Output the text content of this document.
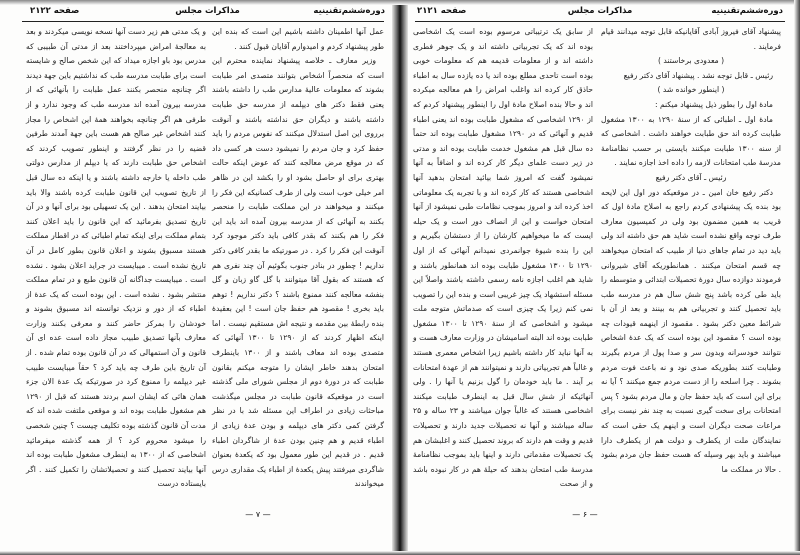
دوره‌ششم‌تقنینیه
مذاکرات مجلس
صفحه ۲۱۲۲

عمل آنها اطمینان داشته باشیم این است که بنده این طور پیشنهاد کردم و امیدوارم آقایان قبول کنند .

وزیر معارف ـ خلاصه پیشنهاد نماینده محترم این است که منحصراً اشخاص بتوانند متصدی امر طبابت بشوند که معلومات عالیهٔ مدارس طب را داشته باشند یعنی فقط دکتر های دیپلمه از مدرسه حق طبابت داشته باشند و دیگران حق نداشته باشند و آنوقت برروی این اصل استدلال میکنند که نفوس مردم را باید حفظ کرد و جان مردم را نمیشود دست هر کسی داد که در موقع مرض معالجه کنند که عوض اینکه حالت بهتری برای او حاصل بشود او را بکشد این در ظاهر امر خیلی خوب است ولی از طرف کسانیکه این فکر را میکنند و میخواهند در این مملکت طبابت را منحصر بکنند به آنهائی که از مدرسه بیرون آمده اند باید این فکر را هم بکنند که بقدر کافی باید دکتر موجود کرد آنوقت این فکر را کرد . در صورتیکه ما بقدر کافی دکتر نداریم ! چطور در بنادر جنوب بگوئیم آن چند نفری هم که هستند که بقول آقا میتوانند با گل گاو زبان و گل بنفشه معالجه کنند ممنوع باشند ؟ دکتر نداریم ! توهم باید بخری ! مقصود هم حفظ جان است ! این بعقیدهٔ بنده رابطهٔ بین مقدمه و نتیجه اش مستقیم نیست . اما اینکه اظهار کردند که از ۱۲۹۰ تا ۱۳۰۰ آنهائی که متصدی بوده اند معاف باشند و از ۱۳۰۰ باینطرف امتحان بدهند خاطر ایشان را متوجه میکنم بقانون طبابت که در دورهٔ دوم از مجلس شورای ملی گذشته است در موقعیکه قانون طبابت در مجلس میگذشت مباحثات زیادی در اطراف این مسئله شد با در نظر گرفتن کمی دکتر های دیپلمه و بودن عدهٔ زیادی از اطباء قدیم و هم چنین بودن عدهٔ از شاگردان اطباء قدیم . در قدیم این طور معمول بود که یکعدهٔ بعنوان شاگردی میرفتند پیش یکعدهٔ از اطباء یک مقداری درس میخواندند

و یک مدتی هم زیر دست آنها نسخه نویسی میکردند و بعد به معالجهٔ امراض میپرداختند بعد از مدتی آن طبیبی که مدرس بود باو اجازه میداد که این شخص صالح و شایسته است برای طبابت مدرسه طب که نداشتیم باین جهة دیدند اگر چنانچه منحصر بکنند عمل طبابت را بآنهائی که از مدرسه بیرون آمده اند مدرسه طب که وجود ندارد و از طرفی هم اگر چنانچه بخواهند همهٔ این اشخاص را مجاز کنند اشخاص غیر صالح هم هست باین جهة آمدند طرفین قضیه را در نظر گرفتند و اینطور تصویب کردند که اشخاص حق طبابت دارند که یا دیپلم از مدارس دولتی طب داخله یا خارجه داشته باشند و یا اینکه ده سال قبل از تاریخ تصویب این قانون طبابت کرده باشند والا باید بیایند امتحان بدهند . این یک تسهیلی بود برای آنها و در آن تاریخ تصدیق بفرمائید که این قانون را باید اعلان کنند بتمام مملکت برای اینکه تمام اطبائی که در اقطار مملکت هستند مسبوق بشوند و اعلان قانون بطور کامل در آن تاریخ نشده است . میبایست در جراید اعلان بشود . نشده است . میبایست جداگانه آن قانون طبع و در تمام مملکت منتشر بشود . نشده است . این بوده است که یک عدهٔ از اطباء که از دور و نزدیک توانسته اند مسبوق بشوند و خودشان را بمرکز حاضر کنند و معرفی بکنند وزارت معارف بآنها تصدیق طبیب مجاز داده است عده ای آن قانون و آن استمهالی که در آن قانون بوده تمام شده . از آن تاریخ باین طرف چه باید کرد ؟ حقاً میبایست طبیب غیر دیپلمه را ممنوع کرد در صورتیکه یک عدهٔ الان جزء همان هائی که ایشان اسم بردند هستند که قبل از ۱۲۹۰ هم مشغول طبابت بوده اند و موقعی ملتفت شده اند که مدت آن قانون گذشته بوده تکلیف چیست ؟ چنین شخصی را میشود محروم کرد ؟ از همه گذشته میفرمائید اشخاصی که از ۱۳۰۰ به اینطرف مشغول طبابت بوده اند آنها بیایند تحصیل کنند و تحصیلاتشان را تکمیل کنند . اگر بایستاده درست

— ۷ —
دوره‌ششم‌تقنینیه
مذاکرات مجلس
صفحه ۲۱۲۱

پیشنهاد آقای فیروز آبادی آقایانیکه قابل توجه میدانند قیام فرمایند .

( معدودی برخاستند )

رئیس ـ قابل توجه نشد . پیشنهاد آقای دکتر رفیع

( اینطور خوانده شد )

مادهٔ اول را بطور ذیل پیشنهاد میکنم :

مادهٔ اول ـ اطبائی که از سنهٔ ۱۲۹۰ به ۱۳۰۰ مشغول طبابت کرده اند حق طبابت خواهند داشت . اشخاصی که از سنه ۱۳۰۰ طبابت میکنند بایستی بر حسب نظامنامهٔ مدرسهٔ طب امتحانات لازمه را داده اخذ اجازه نمایند .

رئیس ـ آقای دکتر رفیع

دکتر رفیع خان امین ـ در موقعیکه دور اول این لایحه بود بنده یک پیشنهادی کردم راجع به اصلاح مادهٔ اول که قریب به همین مضمون بود ولی در کمیسیون معارف طرف توجه واقع نشده است شاید هم حق داشته اند ولی باید دید در تمام جاهای دنیا از طبیب که امتحان میخواهند چه قسم امتحان میکنند . همانطوریکه آقای شیروانی فرمودند دوازده سال دورهٔ تحصیلات ابتدائی و متوسطه را باید طی کرده باشد پنج شش سال هم در مدرسه طب باید تحصیل کنند و تجربیاتی هم به بینند و بعد از آن با شرائط معین دکتر بشود . مقصود از اینهمه قیودات چه بوده است ؟ مقصود این بوده است که یک عدهٔ اشخاص نتوانند خودسرانه وبدون سر و صدا پول از مردم بگیرند وطبابت کنند بطوریکه صدی نود و نه باعث فوت مردم بشوند . چرا اسلحه را از دست مردم جمع میکنند ؟ آیا نه برای این است که باید حفظ جان و مال مردم بشود ؟ پس امتحانات برای سخت گیری نسبت به چند نفر نیست برای مراعات صحت دیگران است و اینهم یک حقی است که نمایندگان ملت از یکطرف و دولت هم از یکطرف دارا میباشند و باید بهر وسیله که هست حفظ جان مردم بشود . حالا در مملکت ما

از سابق یک ترتیباتی مرسوم بوده است یک اشخاصی بوده اند که یک تجربیاتی داشته اند و یک جوهر فطری داشته اند و از معلومات قدیمه هم که معلومات خوبی بوده است تاحدی مطلع بوده اند یا ده یازده سال به اطباء حاذق کار کرده اند واغلب امراض را هم معالجه میکرده اند و حالا بنده اصلاح مادهٔ اول را اینطور پیشنهاد کردم که از ۱۲۹۰ اشخاصی که مشغول طبابت بوده اند یعنی اطباء قدیم و آنهائی که در ۱۲۹۰ مشغول طبابت بوده اند حتماً ده سال قبل هم مشغول خدمت طبابت بوده اند و مدتی در زیر دست علمای دیگر کار کرده اند و اضافاً به آنها نمیشود گفت که امروز شما بیائید امتحان بدهید آنها اشخاصی هستند که کار کرده اند و با تجربه یک معلوماتی اخذ کرده اند و امروز بموجب نظامات طبی نمیشود از آنها امتحان خواست و این از انصاف دور است و یک حیله ایست که ما میخواهیم کارشان را از دستشان بگیریم و این را بنده شیوهٔ جوانمردی نمیدانم آنهائی که از اول ۱۲۹۰ تا ۱۳۰۰ مشغول طبابت بوده اند همانطور باشند و شاید هم اغلب اجازه نامه رسمی داشته باشند واصلاً این مسئله استشهاد یک چیز غریبی است و بنده این را تصویب نمی کنم زیرا یک چیزی است که صدماتش متوجه ملت میشود و اشخاصی که از سنهٔ ۱۲۹۰ تا ۱۳۰۰ مشغول طبابت بوده اند البته اسامیشان در وزارت معارف هست و به آنها نباید کار داشته باشیم زیرا اشخاص معمری هستند و غالباً هم تجربیاتی دارند و نمیتوانند هم از عهدهٔ امتحانات بر آیند . ما باید خودمان را گول بزنیم یا آنها را . ولی آنهائیکه از شش سال قبل به اینطرف طبابت میکنند اشخاصی هستند که غالباً جوان میباشند و ۲۳ ساله و ۲۵ ساله میباشند و آنها نه تحصیلات جدید دارند و تحصیلات قدیم و وقت هم دارند که بروند تحصیل کنند و اغلبشان هم یک تحصیلات مقدماتی دارند و اینها باید بموجب نظامنامهٔ مدرسهٔ طب امتحان بدهند که حیلهٔ هم در کار نبوده باشد و از صحت

— ۶ —
